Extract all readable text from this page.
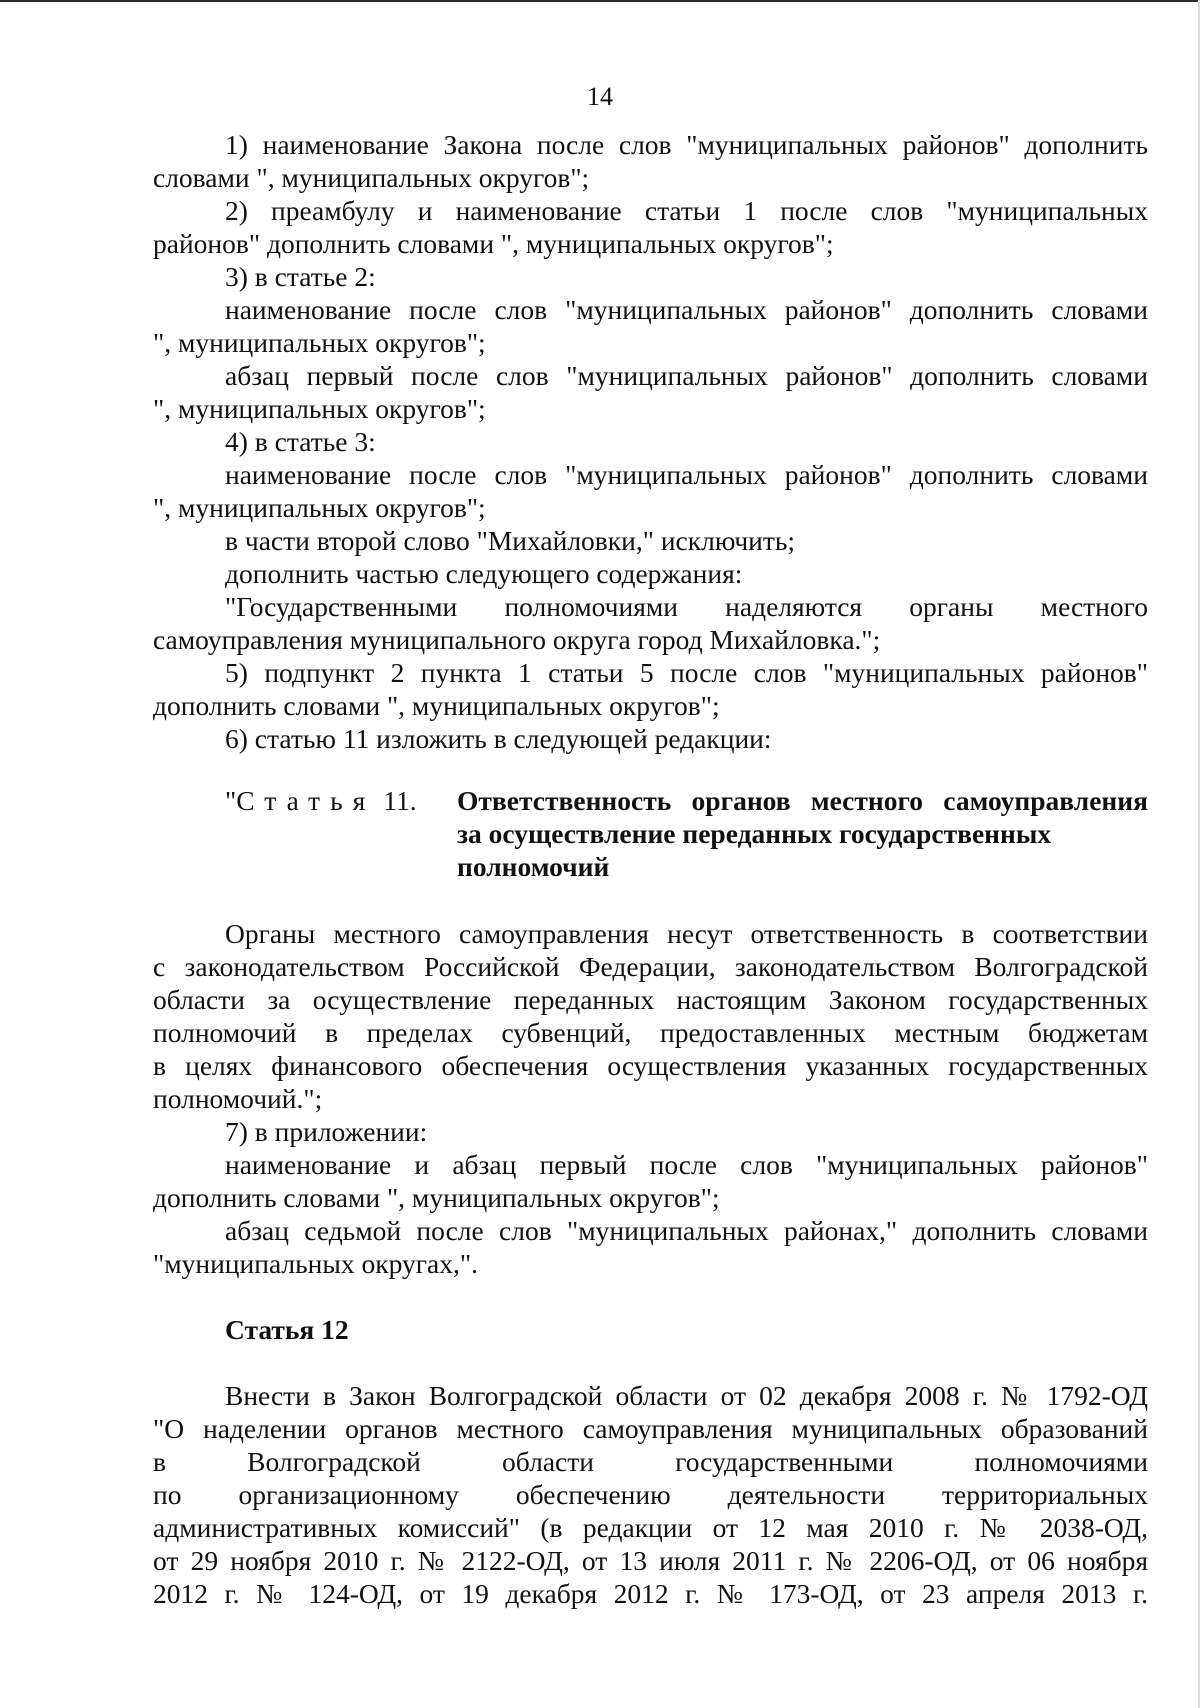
14
1) наименование Закона после слов "муниципальных районов" дополнить
словами ", муниципальных округов";
2) преамбулу и наименование статьи 1 после слов "муниципальных
районов" дополнить словами ", муниципальных округов";
3) в статье 2:
наименование после слов "муниципальных районов" дополнить словами
", муниципальных округов";
абзац первый после слов "муниципальных районов" дополнить словами
", муниципальных округов";
4) в статье 3:
наименование после слов "муниципальных районов" дополнить словами
", муниципальных округов";
в части второй слово "Михайловки," исключить;
дополнить частью следующего содержания:
"Государственными полномочиями наделяются органы местного
самоуправления муниципального округа город Михайловка.";
5) подпункт 2 пункта 1 статьи 5 после слов "муниципальных районов"
дополнить словами ", муниципальных округов";
6) статью 11 изложить в следующей редакции:
"Статья 11.	Ответственность органов местного самоуправления
за осуществление переданных государственных
полномочий
Органы местного самоуправления несут ответственность в соответствии
с законодательством Российской Федерации, законодательством Волгоградской
области за осуществление переданных настоящим Законом государственных
полномочий в пределах субвенций, предоставленных местным бюджетам
в целях финансового обеспечения осуществления указанных государственных
полномочий.";
7) в приложении:
наименование и абзац первый после слов "муниципальных районов"
дополнить словами ", муниципальных округов";
абзац седьмой после слов "муниципальных районах," дополнить словами
"муниципальных округах,".
Статья 12
Внести в Закон Волгоградской области от 02 декабря 2008 г. № 1792-ОД
"О наделении органов местного самоуправления муниципальных образований
в Волгоградской области государственными полномочиями
по организационному обеспечению деятельности территориальных
административных комиссий" (в редакции от 12 мая 2010 г. № 2038-ОД,
от 29 ноября 2010 г. № 2122-ОД, от 13 июля 2011 г. № 2206-ОД, от 06 ноября
2012 г. № 124-ОД, от 19 декабря 2012 г. № 173-ОД, от 23 апреля 2013 г.
